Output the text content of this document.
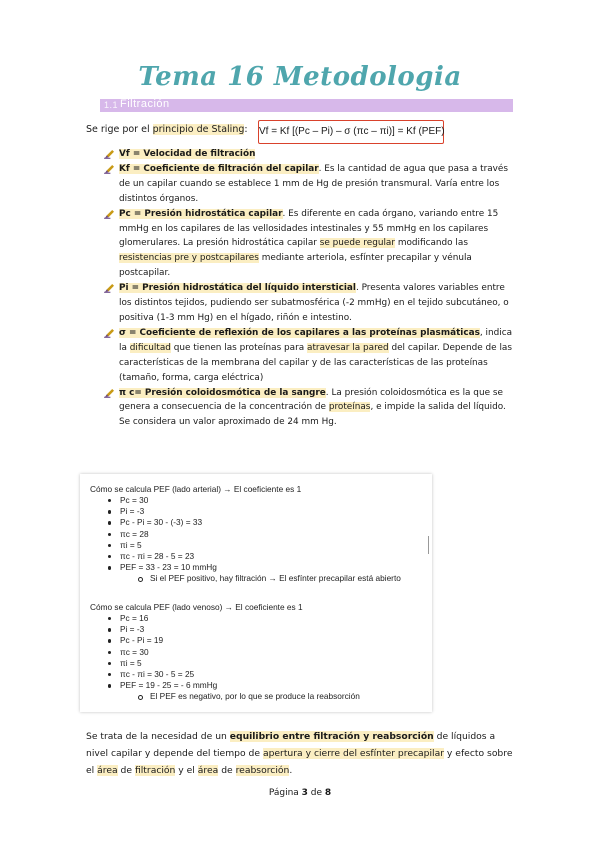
Tema 16 Metodologia
1.1 Filtración
Se rige por el principio de Staling: Vf = Kf [(Pc – Pi) – σ (πc – πi)] = Kf (PEF)
Vf = Velocidad de filtración
Kf = Coeficiente de filtración del capilar. Es la cantidad de agua que pasa a través de un capilar cuando se establece 1 mm de Hg de presión transmural. Varía entre los distintos órganos.
Pc = Presión hidrostática capilar. Es diferente en cada órgano, variando entre 15 mmHg en los capilares de las vellosidades intestinales y 55 mmHg en los capilares glomerulares. La presión hidrostática capilar se puede regular modificando las resistencias pre y postcapilares mediante arteriola, esfínter precapilar y vénula postcapilar.
Pi = Presión hidrostática del líquido intersticial. Presenta valores variables entre los distintos tejidos, pudiendo ser subatmosférica (-2 mmHg) en el tejido subcutáneo, o positiva (1-3 mm Hg) en el hígado, riñón e intestino.
σ = Coeficiente de reflexión de los capilares a las proteínas plasmáticas, indica la dificultad que tienen las proteínas para atravesar la pared del capilar. Depende de las características de la membrana del capilar y de las características de las proteínas (tamaño, forma, carga eléctrica)
π c= Presión coloidosmótica de la sangre. La presión coloidosmótica es la que se genera a consecuencia de la concentración de proteínas, e impide la salida del líquido. Se considera un valor aproximado de 24 mm Hg.

Cómo se calcula PEF (lado arterial) → El coeficiente es 1

Pc = 30
Pi = -3
Pc - Pi = 30 - (-3) = 33
πc = 28
πi = 5
πc - πi = 28 - 5 = 23
PEF = 33 - 23 = 10 mmHg
Si el PEF positivo, hay filtración → El esfínter precapilar está abierto

Cómo se calcula PEF (lado venoso) → El coeficiente es 1

Pc = 16
Pi = -3
Pc - Pi = 19
πc = 30
πi = 5
πc - πi = 30 - 5 = 25
PEF = 19 - 25 = - 6 mmHg
El PEF es negativo, por lo que se produce la reabsorción
Se trata de la necesidad de un equilibrio entre filtración y reabsorción de líquidos a nivel capilar y depende del tiempo de apertura y cierre del esfínter precapilar y efecto sobre el área de filtración y el área de reabsorción.
Página 3 de 8
